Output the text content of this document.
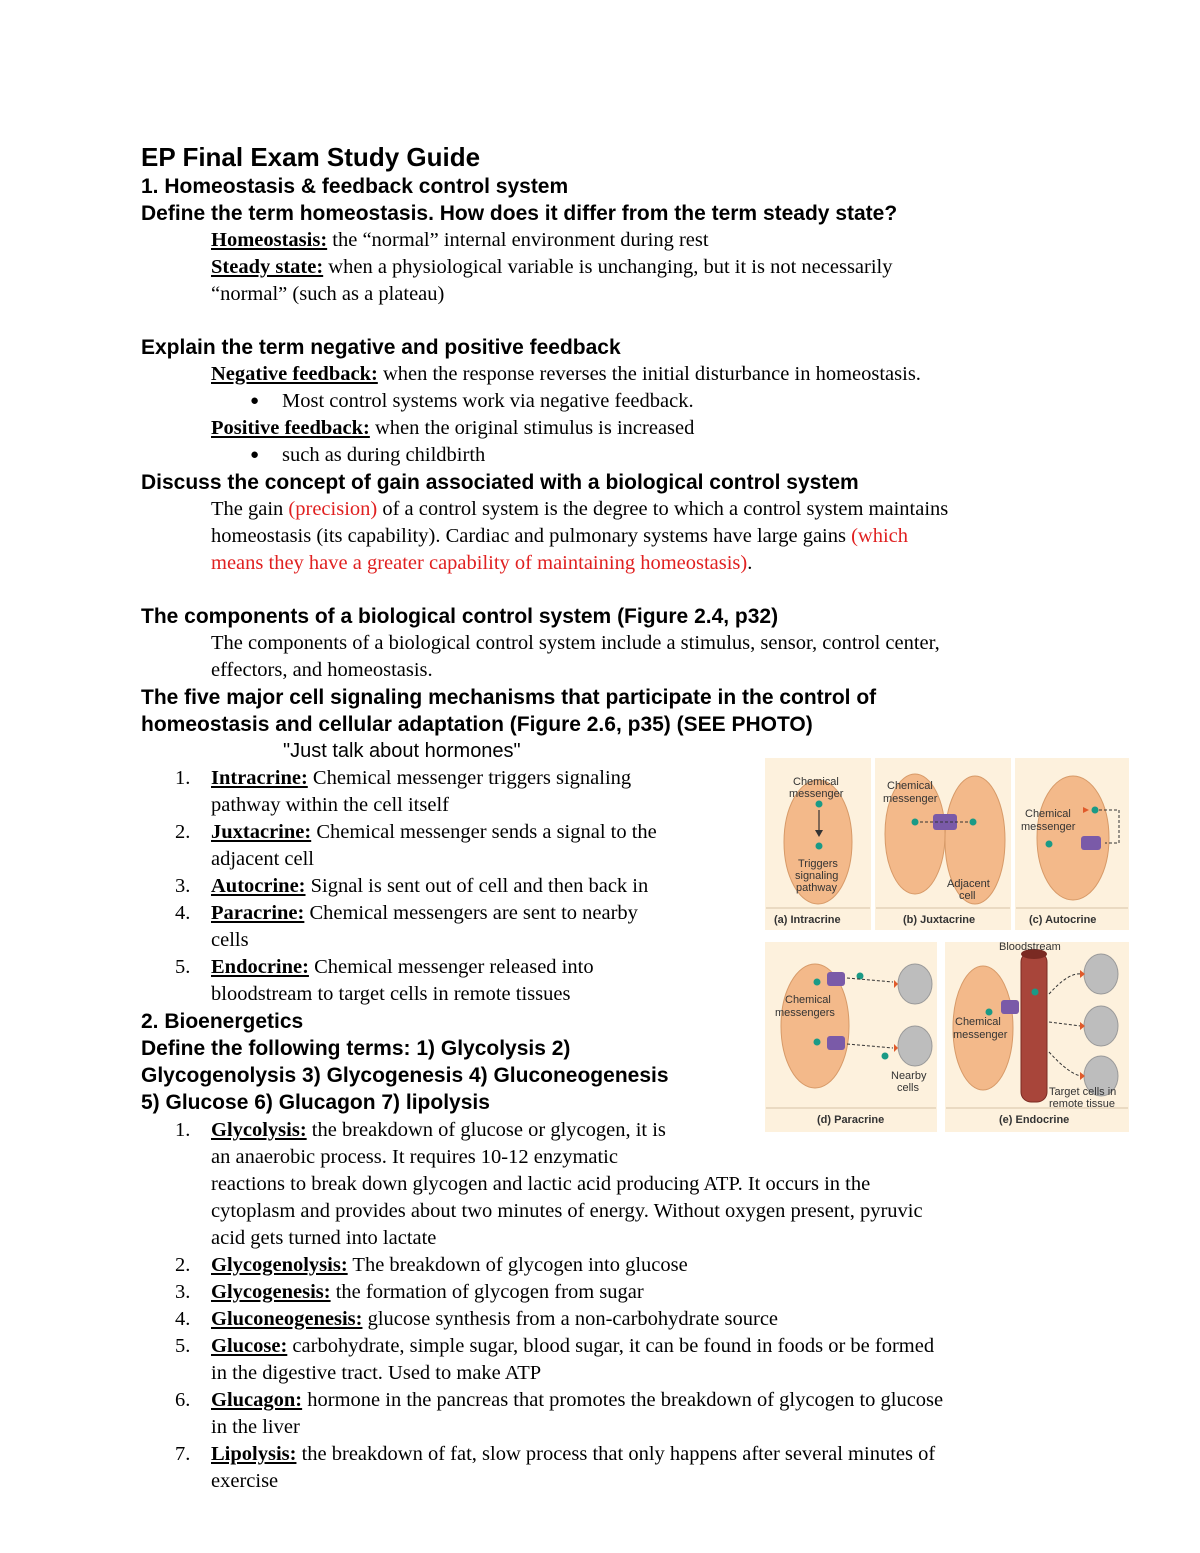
EP Final Exam Study Guide
1. Homeostasis & feedback control system
Define the term homeostasis. How does it differ from the term steady state?
Homeostasis: the “normal” internal environment during rest
Steady state: when a physiological variable is unchanging, but it is not necessarily
“normal” (such as a plateau)
Explain the term negative and positive feedback
Negative feedback: when the response reverses the initial disturbance in homeostasis.
● Most control systems work via negative feedback.
Positive feedback: when the original stimulus is increased
● such as during childbirth
Discuss the concept of gain associated with a biological control system
The gain (precision) of a control system is the degree to which a control system maintains
homeostasis (its capability). Cardiac and pulmonary systems have large gains (which
means they have a greater capability of maintaining homeostasis).
The components of a biological control system (Figure 2.4, p32)
The components of a biological control system include a stimulus, sensor, control center,
effectors, and homeostasis.
The five major cell signaling mechanisms that participate in the control of
homeostasis and cellular adaptation (Figure 2.6, p35) (SEE PHOTO)
"Just talk about hormones"
1.	Intracrine: Chemical messenger triggers signaling
pathway within the cell itself
2.	Juxtacrine: Chemical messenger sends a signal to the
adjacent cell
3.	Autocrine: Signal is sent out of cell and then back in
4.	Paracrine: Chemical messengers are sent to nearby
cells
5.	Endocrine: Chemical messenger released into
bloodstream to target cells in remote tissues
2. Bioenergetics
Define the following terms: 1) Glycolysis 2)
Glycogenolysis 3) Glycogenesis 4) Gluconeogenesis
5) Glucose 6) Glucagon 7) lipolysis
1.	Glycolysis: the breakdown of glucose or glycogen, it is
an anaerobic process. It requires 10-12 enzymatic
reactions to break down glycogen and lactic acid producing ATP. It occurs in the
cytoplasm and provides about two minutes of energy. Without oxygen present, pyruvic
acid gets turned into lactate
2.	Glycogenolysis: The breakdown of glycogen into glucose
3.	Glycogenesis: the formation of glycogen from sugar
4.	Gluconeogenesis: glucose synthesis from a non-carbohydrate source
5.	Glucose: carbohydrate, simple sugar, blood sugar, it can be found in foods or be formed
in the digestive tract. Used to make ATP
6.	Glucagon: hormone in the pancreas that promotes the breakdown of glycogen to glucose
in the liver
7.	Lipolysis: the breakdown of fat, slow process that only happens after several minutes of
exercise
Chemical
messenger
Triggers
signaling
pathway
(a) Intracrine
Chemical
messenger
Adjacent
cell
(b) Juxtacrine
Chemical
messenger
(c) Autocrine
Chemical
messengers
Nearby
cells
(d) Paracrine
Bloodstream
Chemical
messenger
Target cells in
remote tissue
(e) Endocrine
